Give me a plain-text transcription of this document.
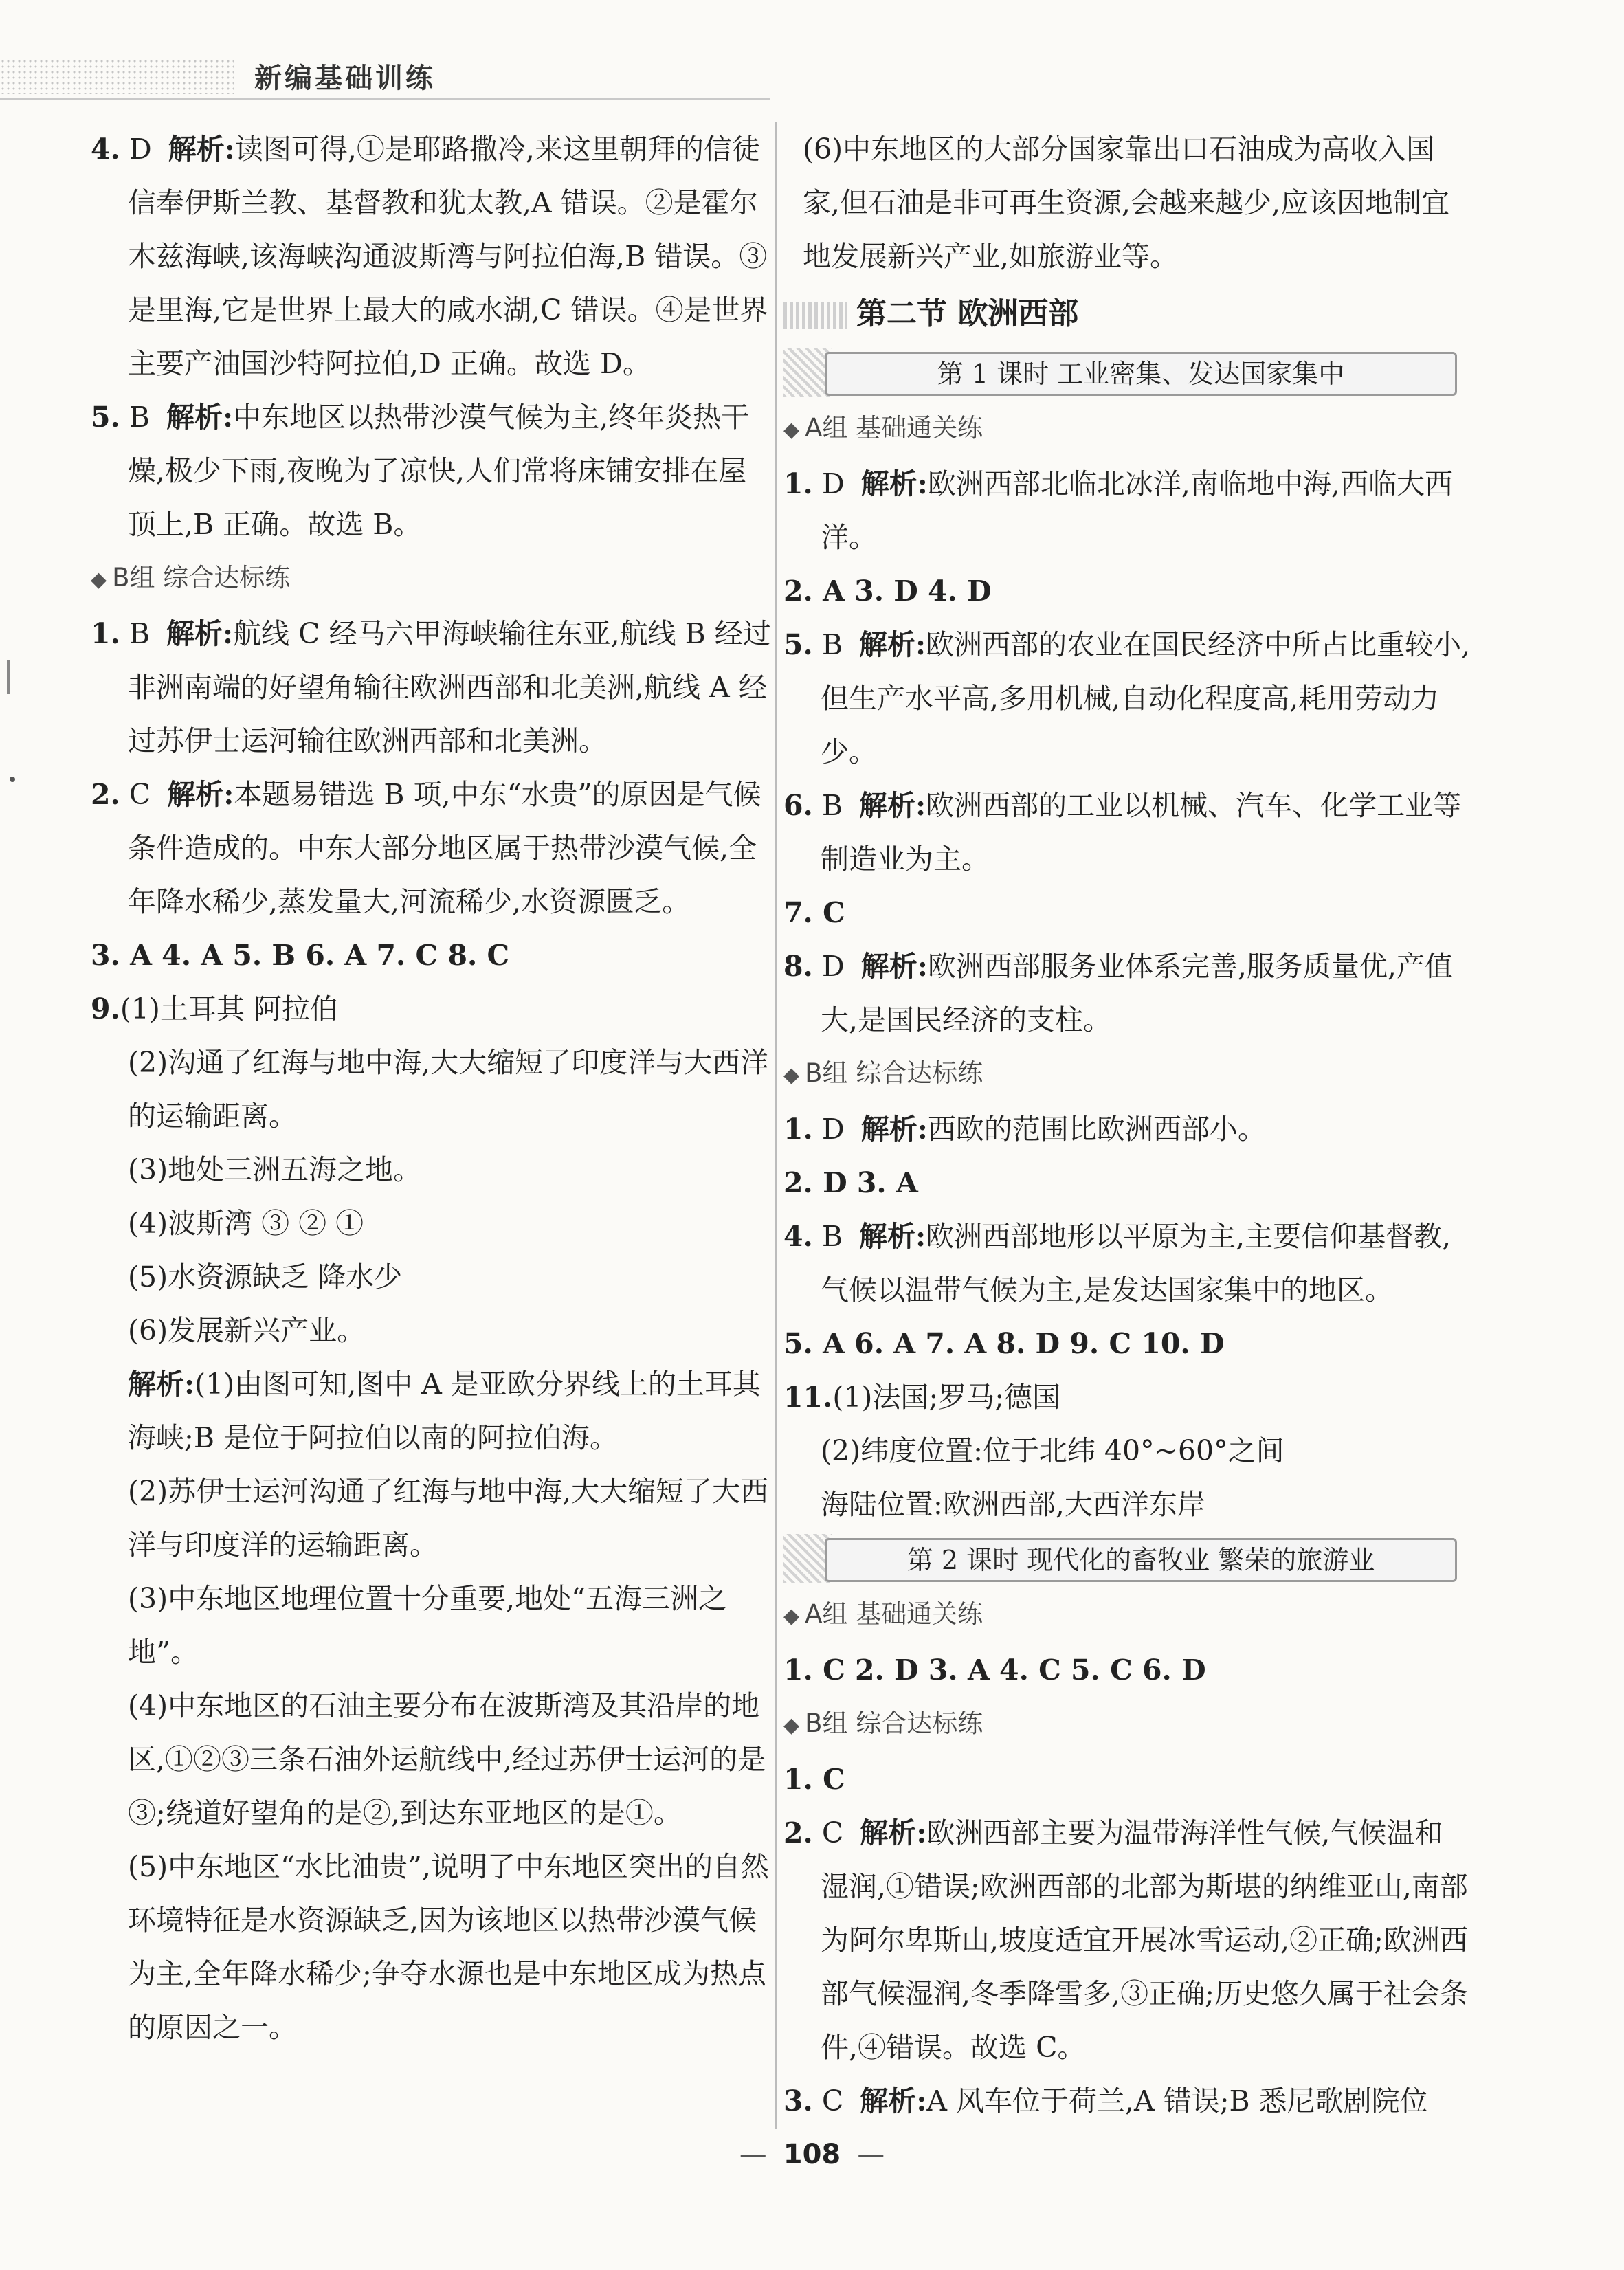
新编基础训练

4. D 解析:读图可得,①是耶路撒冷,来这里朝拜的信徒信奉伊斯兰教、基督教和犹太教,A 错误。②是霍尔木兹海峡,该海峡沟通波斯湾与阿拉伯海,B 错误。③是里海,它是世界上最大的咸水湖,C 错误。④是世界主要产油国沙特阿拉伯,D 正确。故选 D。

5. B 解析:中东地区以热带沙漠气候为主,终年炎热干燥,极少下雨,夜晚为了凉快,人们常将床铺安排在屋顶上,B 正确。故选 B。

◆ B组 综合达标练

1. B 解析:航线 C 经马六甲海峡输往东亚,航线 B 经过非洲南端的好望角输往欧洲西部和北美洲,航线 A 经过苏伊士运河输往欧洲西部和北美洲。

2. C 解析:本题易错选 B 项,中东“水贵”的原因是气候条件造成的。中东大部分地区属于热带沙漠气候,全年降水稀少,蒸发量大,河流稀少,水资源匮乏。

3. A 4. A 5. B 6. A 7. C 8. C

9.(1)土耳其 阿拉伯

(2)沟通了红海与地中海,大大缩短了印度洋与大西洋的运输距离。

(3)地处三洲五海之地。

(4)波斯湾 ③ ② ①

(5)水资源缺乏 降水少

(6)发展新兴产业。

解析:(1)由图可知,图中 A 是亚欧分界线上的土耳其海峡;B 是位于阿拉伯以南的阿拉伯海。

(2)苏伊士运河沟通了红海与地中海,大大缩短了大西洋与印度洋的运输距离。

(3)中东地区地理位置十分重要,地处“五海三洲之地”。

(4)中东地区的石油主要分布在波斯湾及其沿岸的地区,①②③三条石油外运航线中,经过苏伊士运河的是③;绕道好望角的是②,到达东亚地区的是①。

(5)中东地区“水比油贵”,说明了中东地区突出的自然环境特征是水资源缺乏,因为该地区以热带沙漠气候为主,全年降水稀少;争夺水源也是中东地区成为热点的原因之一。

(6)中东地区的大部分国家靠出口石油成为高收入国家,但石油是非可再生资源,会越来越少,应该因地制宜地发展新兴产业,如旅游业等。

第二节 欧洲西部
第 1 课时 工业密集、发达国家集中
◆ A组 基础通关练

1. D 解析:欧洲西部北临北冰洋,南临地中海,西临大西洋。

2. A 3. D 4. D

5. B 解析:欧洲西部的农业在国民经济中所占比重较小,但生产水平高,多用机械,自动化程度高,耗用劳动力少。

6. B 解析:欧洲西部的工业以机械、汽车、化学工业等制造业为主。

7. C

8. D 解析:欧洲西部服务业体系完善,服务质量优,产值大,是国民经济的支柱。

◆ B组 综合达标练

1. D 解析:西欧的范围比欧洲西部小。

2. D 3. A

4. B 解析:欧洲西部地形以平原为主,主要信仰基督教,气候以温带气候为主,是发达国家集中的地区。

5. A 6. A 7. A 8. D 9. C 10. D

11.(1)法国;罗马;德国

(2)纬度位置:位于北纬 40°~60°之间

海陆位置:欧洲西部,大西洋东岸

第 2 课时 现代化的畜牧业 繁荣的旅游业
◆ A组 基础通关练

1. C 2. D 3. A 4. C 5. C 6. D

◆ B组 综合达标练

1. C

2. C 解析:欧洲西部主要为温带海洋性气候,气候温和湿润,①错误;欧洲西部的北部为斯堪的纳维亚山,南部为阿尔卑斯山,坡度适宜开展冰雪运动,②正确;欧洲西部气候湿润,冬季降雪多,③正确;历史悠久属于社会条件,④错误。故选 C。

3. C 解析:A 风车位于荷兰,A 错误;B 悉尼歌剧院位

— 108 —
